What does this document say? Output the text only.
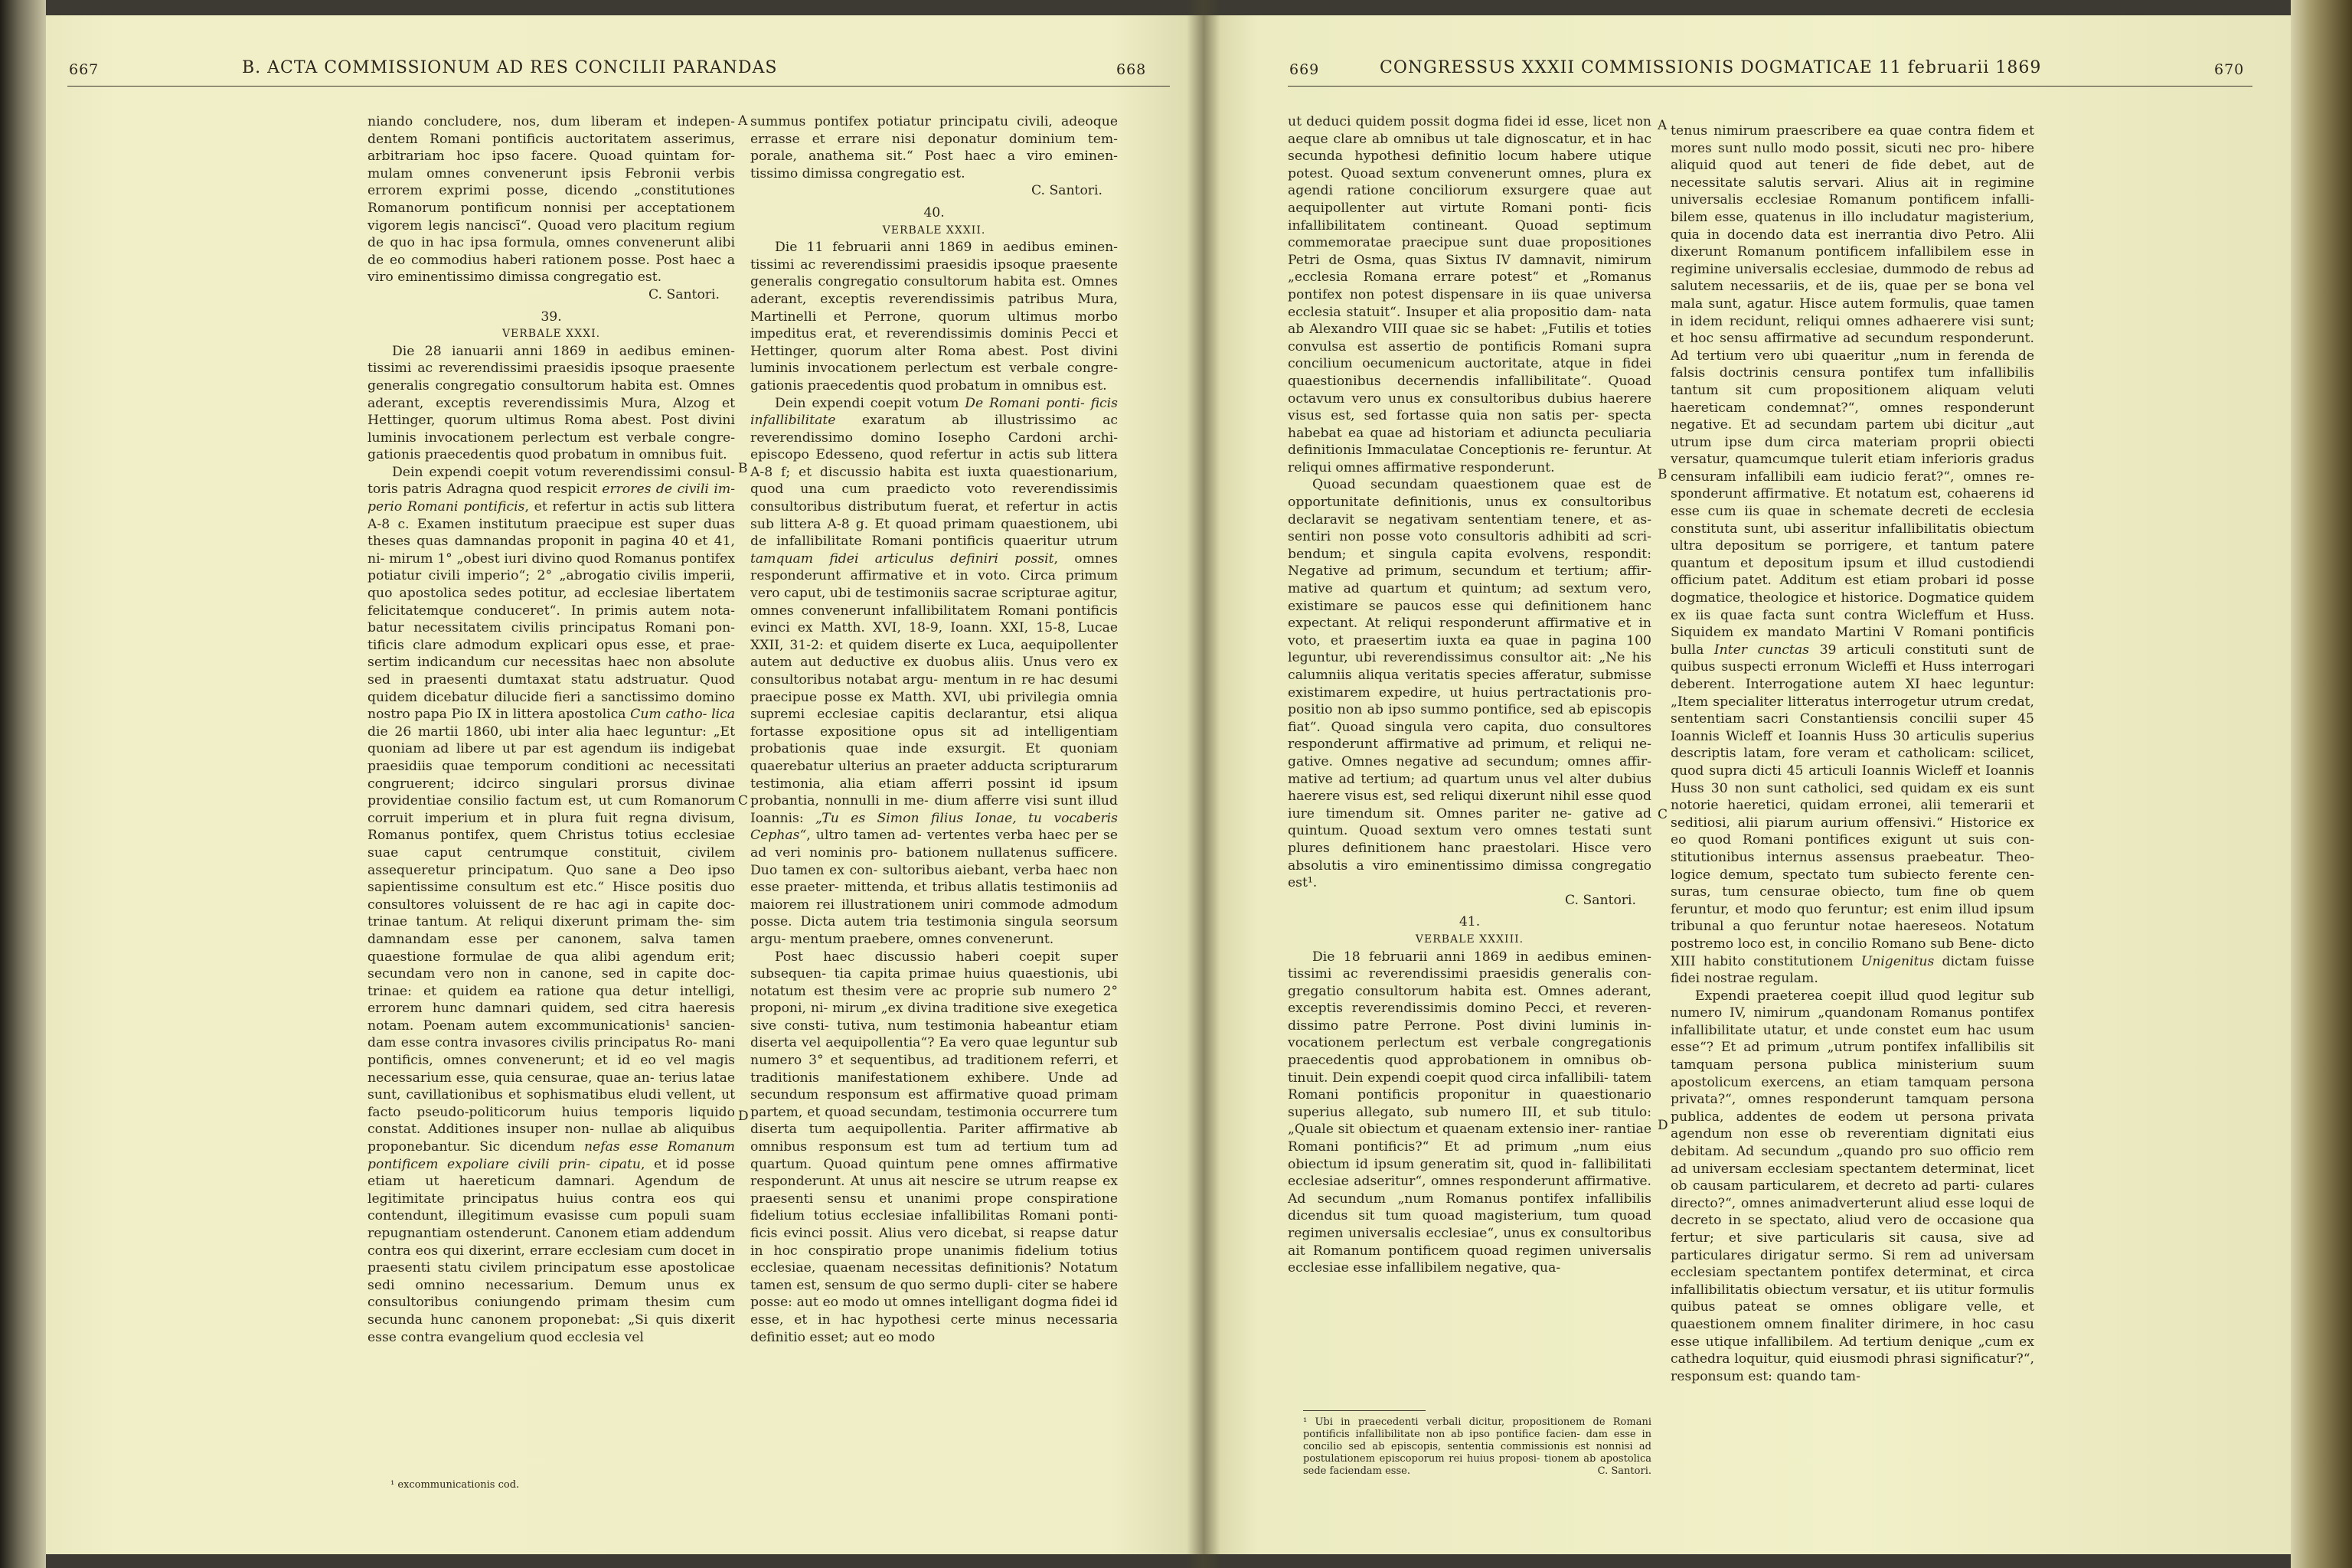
667	B. ACTA COMMISSIONUM AD RES CONCILII PARANDAS	668

niando concludere, nos, dum liberam et indepen- dentem Romani pontificis auctoritatem asserimus, arbitrariam hoc ipso facere. Quoad quintam for- mulam omnes convenerunt ipsis Febronii verbis errorem exprimi posse, dicendo „constitutiones Romanorum pontificum nonnisi per acceptationem vigorem legis nanciscī“. Quoad vero placitum regium de quo in hac ipsa formula, omnes convenerunt alibi de eo commodius haberi rationem posse. Post haec a viro eminentissimo dimissa congregatio est.

C. Santori.

39.

VERBALE XXXI.

Die 28 ianuarii anni 1869 in aedibus eminen- tissimi ac reverendissimi praesidis ipsoque praesente generalis congregatio consultorum habita est. Omnes aderant, exceptis reverendissimis Mura, Alzog et Hettinger, quorum ultimus Roma abest. Post divini luminis invocationem perlectum est verbale congre- gationis praecedentis quod probatum in omnibus fuit.

Dein expendi coepit votum reverendissimi consul- toris patris Adragna quod respicit errores de civili im- perio Romani pontificis, et refertur in actis sub littera A-8 c. Examen institutum praecipue est super duas theses quas damnandas proponit in pagina 40 et 41, ni- mirum 1° „obest iuri divino quod Romanus pontifex potiatur civili imperio“; 2° „abrogatio civilis imperii, quo apostolica sedes potitur, ad ecclesiae libertatem felicitatemque conduceret“. In primis autem nota- batur necessitatem civilis principatus Romani pon- tificis clare admodum explicari opus esse, et prae- sertim indicandum cur necessitas haec non absolute sed in praesenti dumtaxat statu adstruatur. Quod quidem dicebatur dilucide fieri a sanctissimo domino nostro papa Pio IX in littera apostolica Cum catho- lica die 26 martii 1860, ubi inter alia haec leguntur: „Et quoniam ad libere ut par est agendum iis indigebat praesidiis quae temporum conditioni ac necessitati congruerent; idcirco singulari prorsus divinae providentiae consilio factum est, ut cum Romanorum corruit imperium et in plura fuit regna divisum, Romanus pontifex, quem Christus totius ecclesiae suae caput centrumque constituit, civilem assequeretur principatum. Quo sane a Deo ipso sapientissime consultum est etc.“ Hisce positis duo consultores voluissent de re hac agi in capite doc- trinae tantum. At reliqui dixerunt primam the- sim damnandam esse per canonem, salva tamen quaestione formulae de qua alibi agendum erit; secundam vero non in canone, sed in capite doc- trinae: et quidem ea ratione qua detur intelligi, errorem hunc damnari quidem, sed citra haeresis notam. Poenam autem excommunicationis¹ sancien- dam esse contra invasores civilis principatus Ro- mani pontificis, omnes convenerunt; et id eo vel magis necessarium esse, quia censurae, quae an- terius latae sunt, cavillationibus et sophismatibus eludi vellent, ut facto pseudo-politicorum huius temporis liquido constat. Additiones insuper non- nullae ab aliquibus proponebantur. Sic dicendum nefas esse Romanum pontificem expoliare civili prin- cipatu, et id posse etiam ut haereticum damnari. Agendum de legitimitate principatus huius contra eos qui contendunt, illegitimum evasisse cum populi suam repugnantiam ostenderunt. Canonem etiam addendum contra eos qui dixerint, errare ecclesiam cum docet in praesenti statu civilem principatum esse apostolicae sedi omnino necessarium. Demum unus ex consultoribus coniungendo primam thesim cum secunda hunc canonem proponebat: „Si quis dixerit esse contra evangelium quod ecclesia vel

¹ excommunicationis cod.

summus pontifex potiatur principatu civili, adeoque errasse et errare nisi deponatur dominium tem- porale, anathema sit.“ Post haec a viro eminen- tissimo dimissa congregatio est.

C. Santori.

40.

VERBALE XXXII.

Die 11 februarii anni 1869 in aedibus eminen- tissimi ac reverendissimi praesidis ipsoque praesente generalis congregatio consultorum habita est. Omnes aderant, exceptis reverendissimis patribus Mura, Martinelli et Perrone, quorum ultimus morbo impeditus erat, et reverendissimis dominis Pecci et Hettinger, quorum alter Roma abest. Post divini luminis invocationem perlectum est verbale congre- gationis praecedentis quod probatum in omnibus est.

Dein expendi coepit votum De Romani ponti- ficis infallibilitate exaratum ab illustrissimo ac reverendissimo domino Iosepho Cardoni archi- episcopo Edesseno, quod refertur in actis sub littera A-8 f; et discussio habita est iuxta quaestionarium, quod una cum praedicto voto reverendissimis consultoribus distributum fuerat, et refertur in actis sub littera A-8 g. Et quoad primam quaestionem, ubi de infallibilitate Romani pontificis quaeritur utrum tamquam fidei articulus definiri possit, omnes responderunt affirmative et in voto. Circa primum vero caput, ubi de testimoniis sacrae scripturae agitur, omnes convenerunt infallibilitatem Romani pontificis evinci ex Matth. XVI, 18-9, Ioann. XXI, 15-8, Lucae XXII, 31-2: et quidem diserte ex Luca, aequipollenter autem aut deductive ex duobus aliis. Unus vero ex consultoribus notabat argu- mentum in re hac desumi praecipue posse ex Matth. XVI, ubi privilegia omnia supremi ecclesiae capitis declarantur, etsi aliqua fortasse expositione opus sit ad intelligentiam probationis quae inde exsurgit. Et quoniam quaerebatur ulterius an praeter adducta scripturarum testimonia, alia etiam afferri possint id ipsum probantia, nonnulli in me- dium afferre visi sunt illud Ioannis: „Tu es Simon filius Ionae, tu vocaberis Cephas“, ultro tamen ad- vertentes verba haec per se ad veri nominis pro- bationem nullatenus sufficere. Duo tamen ex con- sultoribus aiebant, verba haec non esse praeter- mittenda, et tribus allatis testimoniis ad maiorem rei illustrationem uniri commode admodum posse. Dicta autem tria testimonia singula seorsum argu- mentum praebere, omnes convenerunt.

Post haec discussio haberi coepit super subsequen- tia capita primae huius quaestionis, ubi notatum est thesim vere ac proprie sub numero 2° proponi, ni- mirum „ex divina traditione sive exegetica sive consti- tutiva, num testimonia habeantur etiam diserta vel aequipollentia“? Ea vero quae leguntur sub numero 3° et sequentibus, ad traditionem referri, et traditionis manifestationem exhibere. Unde ad secundum responsum est affirmative quoad primam partem, et quoad secundam, testimonia occurrere tum diserta tum aequipollentia. Pariter affirmative ab omnibus responsum est tum ad tertium tum ad quartum. Quoad quintum pene omnes affirmative responderunt. At unus ait nescire se utrum reapse ex praesenti sensu et unanimi prope conspiratione fidelium totius ecclesiae infallibilitas Romani ponti- ficis evinci possit. Alius vero dicebat, si reapse datur in hoc conspiratio prope unanimis fidelium totius ecclesiae, quaenam necessitas definitionis? Notatum tamen est, sensum de quo sermo dupli- citer se habere posse: aut eo modo ut omnes intelligant dogma fidei id esse, et in hac hypothesi certe minus necessaria definitio esset; aut eo modo

A
B
C
D
669	CONGRESSUS XXXII COMMISSIONIS DOGMATICAE 11 februarii 1869	670

ut deduci quidem possit dogma fidei id esse, licet non aeque clare ab omnibus ut tale dignoscatur, et in hac secunda hypothesi definitio locum habere utique potest. Quoad sextum convenerunt omnes, plura ex agendi ratione conciliorum exsurgere quae aut aequipollenter aut virtute Romani ponti- ficis infallibilitatem contineant. Quoad septimum commemoratae praecipue sunt duae propositiones Petri de Osma, quas Sixtus IV damnavit, nimirum „ecclesia Romana errare potest“ et „Romanus pontifex non potest dispensare in iis quae universa ecclesia statuit“. Insuper et alia propositio dam- nata ab Alexandro VIII quae sic se habet: „Futilis et toties convulsa est assertio de pontificis Romani supra concilium oecumenicum auctoritate, atque in fidei quaestionibus decernendis infallibilitate“. Quoad octavum vero unus ex consultoribus dubius haerere visus est, sed fortasse quia non satis per- specta habebat ea quae ad historiam et adiuncta peculiaria definitionis Immaculatae Conceptionis re- feruntur. At reliqui omnes affirmative responderunt.

Quoad secundam quaestionem quae est de opportunitate definitionis, unus ex consultoribus declaravit se negativam sententiam tenere, et as- sentiri non posse voto consultoris adhibiti ad scri- bendum; et singula capita evolvens, respondit: Negative ad primum, secundum et tertium; affir- mative ad quartum et quintum; ad sextum vero, existimare se paucos esse qui definitionem hanc expectant. At reliqui responderunt affirmative et in voto, et praesertim iuxta ea quae in pagina 100 leguntur, ubi reverendissimus consultor ait: „Ne his calumniis aliqua veritatis species afferatur, submisse existimarem expedire, ut huius pertractationis pro- positio non ab ipso summo pontifice, sed ab episcopis fiat“. Quoad singula vero capita, duo consultores responderunt affirmative ad primum, et reliqui ne- gative. Omnes negative ad secundum; omnes affir- mative ad tertium; ad quartum unus vel alter dubius haerere visus est, sed reliqui dixerunt nihil esse quod iure timendum sit. Omnes pariter ne- gative ad quintum. Quoad sextum vero omnes testati sunt plures definitionem hanc praestolari. Hisce vero absolutis a viro eminentissimo dimissa congregatio est¹.

C. Santori.

41.

VERBALE XXXIII.

Die 18 februarii anni 1869 in aedibus eminen- tissimi ac reverendissimi praesidis generalis con- gregatio consultorum habita est. Omnes aderant, exceptis reverendissimis domino Pecci, et reveren- dissimo patre Perrone. Post divini luminis in- vocationem perlectum est verbale congregationis praecedentis quod approbationem in omnibus ob- tinuit. Dein expendi coepit quod circa infallibili- tatem Romani pontificis proponitur in quaestionario superius allegato, sub numero III, et sub titulo: „Quale sit obiectum et quaenam extensio iner- rantiae Romani pontificis?“ Et ad primum „num eius obiectum id ipsum generatim sit, quod in- fallibilitati ecclesiae adseritur“, omnes responderunt affirmative. Ad secundum „num Romanus pontifex infallibilis dicendus sit tum quoad magisterium, tum quoad regimen universalis ecclesiae“, unus ex consultoribus ait Romanum pontificem quoad regimen universalis ecclesiae esse infallibilem negative, qua-

¹ Ubi in praecedenti verbali dicitur, propositionem de Romani pontificis infallibilitate non ab ipso pontifice facien- dam esse in concilio sed ab episcopis, sententia commissionis est nonnisi ad postulationem episcoporum rei huius proposi- tionem ab apostolica sede faciendam esse.	C. Santori.

tenus nimirum praescribere ea quae contra fidem et mores sunt nullo modo possit, sicuti nec pro- hibere aliquid quod aut teneri de fide debet, aut de necessitate salutis servari. Alius ait in regimine universalis ecclesiae Romanum pontificem infalli- bilem esse, quatenus in illo includatur magisterium, quia in docendo data est inerrantia divo Petro. Alii dixerunt Romanum pontificem infallibilem esse in regimine universalis ecclesiae, dummodo de rebus ad salutem necessariis, et de iis, quae per se bona vel mala sunt, agatur. Hisce autem formulis, quae tamen in idem recidunt, reliqui omnes adhaerere visi sunt; et hoc sensu affirmative ad secundum responderunt. Ad tertium vero ubi quaeritur „num in ferenda de falsis doctrinis censura pontifex tum infallibilis tantum sit cum propositionem aliquam veluti haereticam condemnat?“, omnes responderunt negative. Et ad secundam partem ubi dicitur „aut utrum ipse dum circa materiam proprii obiecti versatur, quamcumque tulerit etiam inferioris gradus censuram infallibili eam iudicio ferat?“, omnes re- sponderunt affirmative. Et notatum est, cohaerens id esse cum iis quae in schemate decreti de ecclesia constituta sunt, ubi asseritur infallibilitatis obiectum ultra depositum se porrigere, et tantum patere quantum et depositum ipsum et illud custodiendi officium patet. Additum est etiam probari id posse dogmatice, theologice et historice. Dogmatice quidem ex iis quae facta sunt contra Wicleffum et Huss. Siquidem ex mandato Martini V Romani pontificis bulla Inter cunctas 39 articuli constituti sunt de quibus suspecti erronum Wicleffi et Huss interrogari deberent. Interrogatione autem XI haec leguntur: „Item specialiter litteratus interrogetur utrum credat, sententiam sacri Constantiensis concilii super 45 Ioannis Wicleff et Ioannis Huss 30 articulis superius descriptis latam, fore veram et catholicam: scilicet, quod supra dicti 45 articuli Ioannis Wicleff et Ioannis Huss 30 non sunt catholici, sed quidam ex eis sunt notorie haeretici, quidam erronei, alii temerarii et seditiosi, alii piarum aurium offensivi.“ Historice ex eo quod Romani pontifices exigunt ut suis con- stitutionibus internus assensus praebeatur. Theo- logice demum, spectato tum subiecto ferente cen- suras, tum censurae obiecto, tum fine ob quem feruntur, et modo quo feruntur; est enim illud ipsum tribunal a quo feruntur notae haereseos. Notatum postremo loco est, in concilio Romano sub Bene- dicto XIII habito constitutionem Unigenitus dictam fuisse fidei nostrae regulam.

Expendi praeterea coepit illud quod legitur sub numero IV, nimirum „quandonam Romanus pontifex infallibilitate utatur, et unde constet eum hac usum esse“? Et ad primum „utrum pontifex infallibilis sit tamquam persona publica ministerium suum apostolicum exercens, an etiam tamquam persona privata?“, omnes responderunt tamquam persona publica, addentes de eodem ut persona privata agendum non esse ob reverentiam dignitati eius debitam. Ad secundum „quando pro suo officio rem ad universam ecclesiam spectantem determinat, licet ob causam particularem, et decreto ad parti- culares directo?“, omnes animadverterunt aliud esse loqui de decreto in se spectato, aliud vero de occasione qua fertur; et sive particularis sit causa, sive ad particulares dirigatur sermo. Si rem ad universam ecclesiam spectantem pontifex determinat, et circa infallibilitatis obiectum versatur, et iis utitur formulis quibus pateat se omnes obligare velle, et quaestionem omnem finaliter dirimere, in hoc casu esse utique infallibilem. Ad tertium denique „cum ex cathedra loquitur, quid eiusmodi phrasi significatur?“, responsum est: quando tam-

A
B
C
D
